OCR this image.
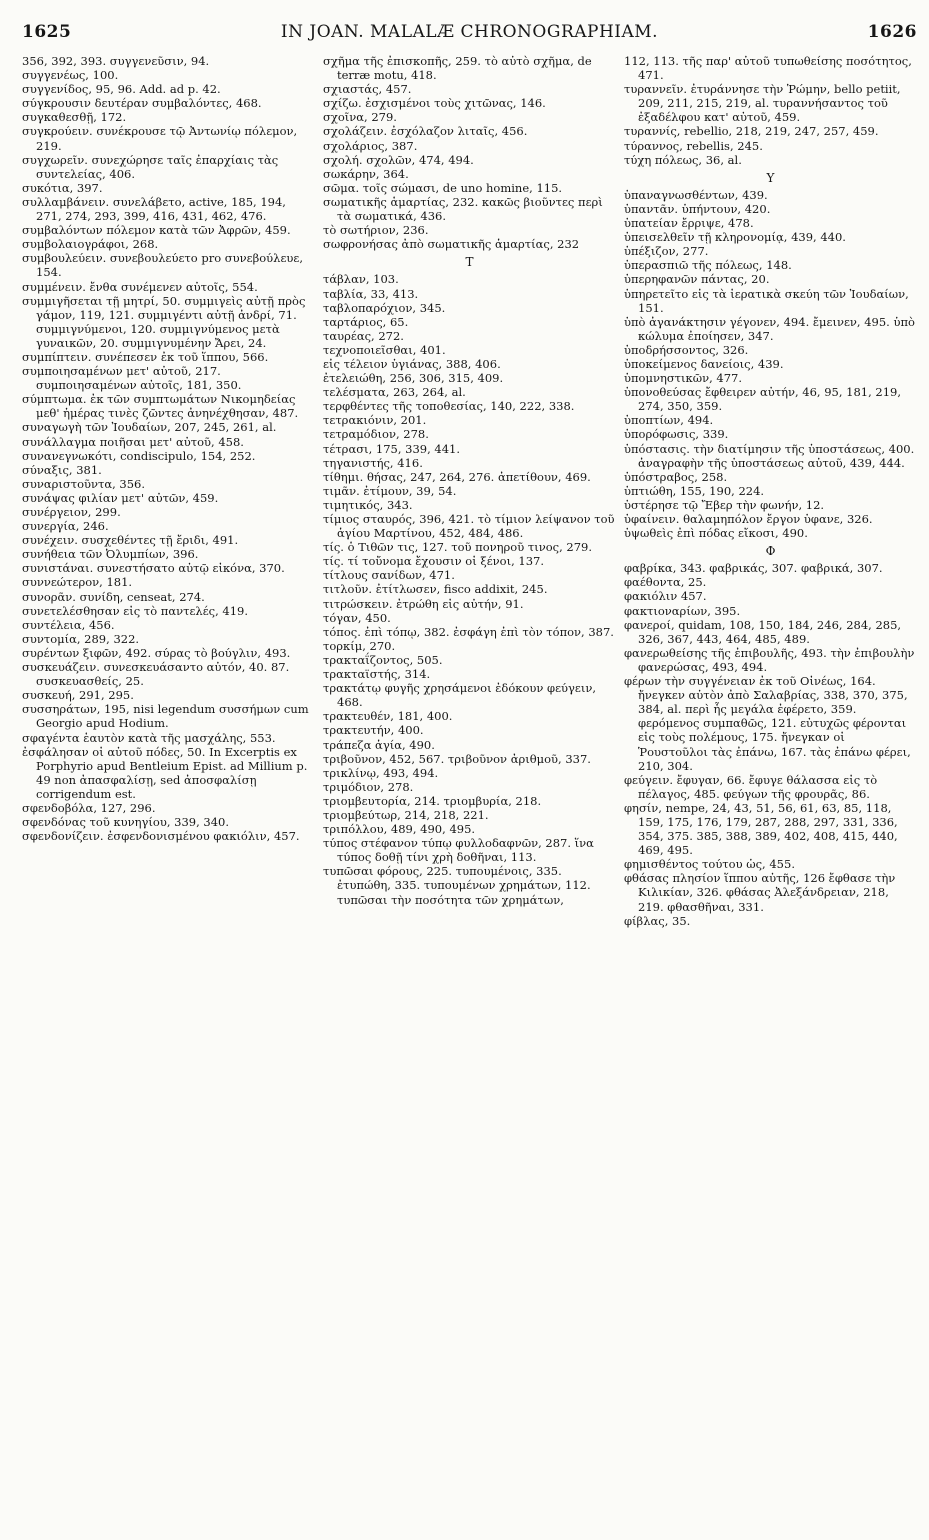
1625	IN JOAN. MALALÆ CHRONOGRAPHIAM.	1626

356, 392, 393. συγγενεῦσιν, 94.

συγγενέως, 100.

συγγενίδος, 95, 96. Add. ad p. 42.

σύγκρουσιν δευτέραν συμβαλόντες, 468.

συγκαθεσθῇ, 172.

συγκρούειν. συνέκρουσε τῷ Ἀντωνίῳ πόλεμον, 219.

συγχωρεῖν. συνεχώρησε ταῖς ἐπαρχίαις τὰς συντελείας, 406.

συκότια, 397.

συλλαμβάνειν. συνελάβετο, active, 185, 194, 271, 274, 293, 399, 416, 431, 462, 476.

συμβαλόντων πόλεμον κατὰ τῶν Ἀφρῶν, 459.

συμβολαιογράφοι, 268.

συμβουλεύειν. συνεβουλεύετο pro συνεβούλευε, 154.

συμμένειν. ἔνθα συνέμενεν αὐτοῖς, 554.

συμμιγῆσεται τῇ μητρί, 50. συμμιγεὶς αὐτῇ πρὸς γάμον, 119, 121. συμμιγέντι αὐτῇ ἀνδρί, 71. συμμιγνύμενοι, 120. συμμιγνύμενος μετὰ γυναικῶν, 20. συμμιγνυμένην Ἄρει, 24.

συμπίπτειν. συνέπεσεν ἐκ τοῦ ἵππου, 566.

συμποιησαμένων μετ' αὐτοῦ, 217. συμποιησαμένων αὐτοῖς, 181, 350.

σύμπτωμα. ἐκ τῶν συμπτωμάτων Νικομηδείας μεθ' ἡμέρας τινὲς ζῶντες ἀνηνέχθησαν, 487.

συναγωγὴ τῶν Ἰουδαίων, 207, 245, 261, al.

συνάλλαγμα ποιῆσαι μετ' αὐτοῦ, 458.

συνανεγνωκότι, condiscipulo, 154, 252.

σύναξις, 381.

συναριστοῦντα, 356.

συνάψας φιλίαν μετ' αὐτῶν, 459.

συνέργειον, 299.

συνεργία, 246.

συνέχειν. συσχεθέντες τῇ ἔριδι, 491.

συνήθεια τῶν Ὀλυμπίων, 396.

συνιστάναι. συνεστήσατο αὐτῷ εἰκόνα, 370.

συννεώτερον, 181.

συνορᾶν. συνίδη, censeat, 274.

συνετελέσθησαν εἰς τὸ παντελές, 419.

συντέλεια, 456.

συντομία, 289, 322.

συρέντων ξιφῶν, 492. σύρας τὸ βούγλιν, 493.

συσκευάζειν. συνεσκευάσαντο αὐτόν, 40. 87. συσκευασθείς, 25.

συσκευή, 291, 295.

συσσηράτων, 195, nisi legendum συσσήμων cum Georgio apud Hodium.

σφαγέντα ἑαυτὸν κατὰ τῆς μασχάλης, 553.

ἐσφάλησαν οἱ αὐτοῦ πόδες, 50. In Excerptis ex Porphyrio apud Bentleium Epist. ad Millium p. 49 non ἀπασφαλίσῃ, sed ἀποσφαλίσῃ corrigendum est.

σφενδοβόλα, 127, 296.

σφενδόνας τοῦ κυνηγίου, 339, 340.

σφενδονίζειν. ἐσφενδονισμένου φακιόλιν, 457.

σχῆμα τῆς ἐπισκοπῆς, 259. τὸ αὐτὸ σχῆμα, de terræ motu, 418.

σχιαστάς, 457.

σχίζω. ἐσχισμένοι τοὺς χιτῶνας, 146.

σχοῖνα, 279.

σχολάζειν. ἐσχόλαζον λιταῖς, 456.

σχολάριος, 387.

σχολή. σχολῶν, 474, 494.

σωκάρην, 364.

σῶμα. τοῖς σώμασι, de uno homine, 115.

σωματικῆς ἁμαρτίας, 232. κακῶς βιοῦντες περὶ τὰ σωματικά, 436.

τὸ σωτήριον, 236.

σωφρονήσας ἀπὸ σωματικῆς ἁμαρτίας, 232

Τ

τάβλαν, 103.

ταβλία, 33, 413.

ταβλοπαρόχιον, 345.

ταρτάριος, 65.

ταυρέας, 272.

τεχνοποιεῖσθαι, 401.

εἰς τέλειον ὑγιάνας, 388, 406.

ἐτελειώθη, 256, 306, 315, 409.

τελέσματα, 263, 264, al.

τερφθέντες τῆς τοποθεσίας, 140, 222, 338.

τετρακιόνιν, 201.

τετραμόδιον, 278.

τέτρασι, 175, 339, 441.

τηγανιστής, 416.

τίθημι. θήσας, 247, 264, 276. ἀπετίθουν, 469.

τιμᾶν. ἐτίμουν, 39, 54.

τιμητικός, 343.

τίμιος σταυρός, 396, 421. τὸ τίμιον λείψανον τοῦ ἁγίου Μαρτίνου, 452, 484, 486.

τίς. ὁ Τιθῶν τις, 127. τοῦ πονηροῦ τινος, 279.

τίς. τί τοὔνομα ἔχουσιν οἱ ξένοι, 137.

τίτλους σανίδων, 471.

τιτλοῦν. ἐτίτλωσεν, fisco addixit, 245.

τιτρώσκειν. ἐτρώθη εἰς αὐτήν, 91.

τόγαν, 450.

τόπος. ἐπὶ τόπῳ, 382. ἐσφάγη ἐπὶ τὸν τόπον, 387.

τορκίμ, 270.

τρακταΐζοντος, 505.

τρακταϊστής, 314.

τρακτάτῳ φυγῆς χρησάμενοι ἐδόκουν φεύγειν, 468.

τρακτευθέν, 181, 400.

τρακτευτήν, 400.

τράπεζα ἁγία, 490.

τριβοῦνον, 452, 567. τριβοῦνον ἀριθμοῦ, 337.

τρικλίνῳ, 493, 494.

τριμόδιον, 278.

τριομβευτορία, 214. τριομβυρία, 218.

τριομβεύτωρ, 214, 218, 221.

τριπόλλου, 489, 490, 495.

τύπος στέφανον τύπῳ φυλλοδαφνῶν, 287. ἵνα τύπος δοθῇ τίνι χρὴ δοθῆναι, 113.

τυπῶσαι φόρους, 225. τυπουμένοις, 335. ἐτυπώθη, 335. τυπουμένων χρημάτων, 112. τυπῶσαι τὴν ποσότητα τῶν χρημάτων,

112, 113. τῆς παρ' αὐτοῦ τυπωθείσης ποσότητος, 471.

τυραννεῖν. ἐτυράννησε τὴν Ῥώμην, bello petiit, 209, 211, 215, 219, al. τυραννήσαντος τοῦ ἐξαδέλφου κατ' αὐτοῦ, 459.

τυραννίς, rebellio, 218, 219, 247, 257, 459.

τύραννος, rebellis, 245.

τύχη πόλεως, 36, al.

Υ

ὑπαναγνωσθέντων, 439.

ὑπαντᾶν. ὑπήντουν, 420.

ὑπατείαν ἔρριψε, 478.

ὑπεισελθεῖν τῇ κληρονομίᾳ, 439, 440.

ὑπέξιζον, 277.

ὑπερασπιῶ τῆς πόλεως, 148.

ὑπερηφανῶν πάντας, 20.

ὑπηρετεῖτο εἰς τὰ ἱερατικὰ σκεύη τῶν Ἰουδαίων, 151.

ὑπὸ ἀγανάκτησιν γέγονεν, 494. ἔμεινεν, 495. ὑπὸ κώλυμα ἐποίησεν, 347.

ὑποδρήσσοντος, 326.

ὑποκείμενος δανείοις, 439.

ὑπομνηστικῶν, 477.

ὑπονοθεύσας ἔφθειρεν αὐτήν, 46, 95, 181, 219, 274, 350, 359.

ὑποπτίων, 494.

ὑπορόφωσις, 339.

ὑπόστασις. τὴν διατίμησιν τῆς ὑποστάσεως, 400. ἀναγραφὴν τῆς ὑποστάσεως αὐτοῦ, 439, 444.

ὑπόστραβος, 258.

ὑπτιώθη, 155, 190, 224.

ὑστέρησε τῷ Ἔβερ τὴν φωνήν, 12.

ὑφαίνειν. θαλαμηπόλον ἔργον ὑφανε, 326.

ὑψωθεὶς ἐπὶ πόδας εἴκοσι, 490.

Φ

φαβρίκα, 343. φαβρικάς, 307. φαβρικά, 307.

φαέθοντα, 25.

φακιόλιν 457.

φακτιοναρίων, 395.

φανερoί, quidam, 108, 150, 184, 246, 284, 285, 326, 367, 443, 464, 485, 489.

φανερωθείσης τῆς ἐπιβουλῆς, 493. τὴν ἐπιβουλὴν φανερώσας, 493, 494.

φέρων τὴν συγγένειαν ἐκ τοῦ Οἰνέως, 164. ἤνεγκεν αὐτὸν ἀπὸ Σαλαβρίας, 338, 370, 375, 384, al. περὶ ἧς μεγάλα ἐφέρετο, 359. φερόμενος συμπαθῶς, 121. εὐτυχῶς φέρονται εἰς τοὺς πολέμους, 175. ἤνεγκαν οἱ Ῥουστοῦλοι τὰς ἐπάνω, 167. τὰς ἐπάνω φέρει, 210, 304.

φεύγειν. ἔφυγαν, 66. ἔφυγε θάλασσα εἰς τὸ πέλαγος, 485. φεύγων τῆς φρουρᾶς, 86.

φησίν, nempe, 24, 43, 51, 56, 61, 63, 85, 118, 159, 175, 176, 179, 287, 288, 297, 331, 336, 354, 375. 385, 388, 389, 402, 408, 415, 440, 469, 495.

φημισθέντος τούτου ὡς, 455.

φθάσας πλησίον ἵππου αὐτῆς, 126 ἔφθασε τὴν Κιλικίαν, 326. φθάσας Ἀλεξάνδρειαν, 218, 219. φθασθῆναι, 331.

φίβλας, 35.
